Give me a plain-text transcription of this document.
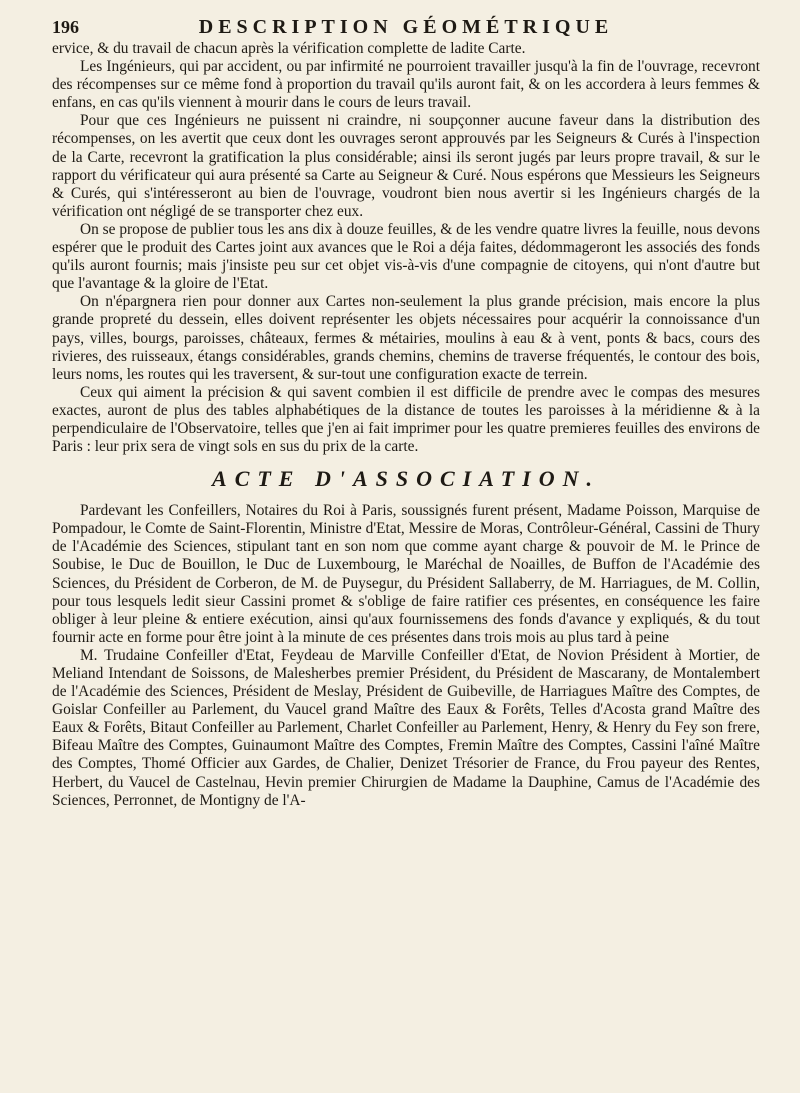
196	DESCRIPTION GÉOMÉTRIQUE

ervice, & du travail de chacun après la vérification complette de ladite Carte.

Les Ingénieurs, qui par accident, ou par infirmité ne pourroient travailler jusqu'à la fin de l'ouvrage, recevront des récompenses sur ce même fond à proportion du travail qu'ils auront fait, & on les accordera à leurs femmes & enfans, en cas qu'ils viennent à mourir dans le cours de leurs travail.

Pour que ces Ingénieurs ne puissent ni craindre, ni soupçonner aucune faveur dans la distribution des récompenses, on les avertit que ceux dont les ouvrages seront approuvés par les Seigneurs & Curés à l'inspection de la Carte, recevront la gratification la plus considérable; ainsi ils seront jugés par leurs propre travail, & sur le rapport du vérificateur qui aura présenté sa Carte au Seigneur & Curé. Nous espérons que Messieurs les Seigneurs & Curés, qui s'intéresseront au bien de l'ouvrage, voudront bien nous avertir si les Ingénieurs chargés de la vérification ont négligé de se transporter chez eux.

On se propose de publier tous les ans dix à douze feuilles, & de les vendre quatre livres la feuille, nous devons espérer que le produit des Cartes joint aux avances que le Roi a déja faites, dédommageront les associés des fonds qu'ils auront fournis; mais j'insiste peu sur cet objet vis-à-vis d'une compagnie de citoyens, qui n'ont d'autre but que l'avantage & la gloire de l'Etat.

On n'épargnera rien pour donner aux Cartes non-seulement la plus grande précision, mais encore la plus grande propreté du dessein, elles doivent représenter les objets nécessaires pour acquérir la connoissance d'un pays, villes, bourgs, paroisses, châteaux, fermes & métairies, moulins à eau & à vent, ponts & bacs, cours des rivieres, des ruisseaux, étangs considérables, grands chemins, chemins de traverse fréquentés, le contour des bois, leurs noms, les routes qui les traversent, & sur-tout une configuration exacte de terrein.

Ceux qui aiment la précision & qui savent combien il est difficile de prendre avec le compas des mesures exactes, auront de plus des tables alphabétiques de la distance de toutes les paroisses à la méridienne & à la perpendiculaire de l'Observatoire, telles que j'en ai fait imprimer pour les quatre premieres feuilles des environs de Paris : leur prix sera de vingt sols en sus du prix de la carte.

ACTE D'ASSOCIATION.

Pardevant les Confeillers, Notaires du Roi à Paris, soussignés furent présent, Madame Poisson, Marquise de Pompadour, le Comte de Saint-Florentin, Ministre d'Etat, Messire de Moras, Contrôleur-Général, Cassini de Thury de l'Académie des Sciences, stipulant tant en son nom que comme ayant charge & pouvoir de M. le Prince de Soubise, le Duc de Bouillon, le Duc de Luxembourg, le Maréchal de Noailles, de Buffon de l'Académie des Sciences, du Président de Corberon, de M. de Puysegur, du Président Sallaberry, de M. Harriagues, de M. Collin, pour tous lesquels ledit sieur Cassini promet & s'oblige de faire ratifier ces présentes, en conséquence les faire obliger à leur pleine & entiere exécution, ainsi qu'aux fournissemens des fonds d'avance y expliqués, & du tout fournir acte en forme pour être joint à la minute de ces présentes dans trois mois au plus tard à peine

M. Trudaine Confeiller d'Etat, Feydeau de Marville Confeiller d'Etat, de Novion Président à Mortier, de Meliand Intendant de Soissons, de Malesherbes premier Président, du Président de Mascarany, de Montalembert de l'Académie des Sciences, Président de Meslay, Président de Guibeville, de Harriagues Maître des Comptes, de Goislar Confeiller au Parlement, du Vaucel grand Maître des Eaux & Forêts, Telles d'Acosta grand Maître des Eaux & Forêts, Bitaut Confeiller au Parlement, Charlet Confeiller au Parlement, Henry, & Henry du Fey son frere, Bifeau Maître des Comptes, Guinaumont Maître des Comptes, Fremin Maître des Comptes, Cassini l'aîné Maître des Comptes, Thomé Officier aux Gardes, de Chalier, Denizet Trésorier de France, du Frou payeur des Rentes, Herbert, du Vaucel de Castelnau, Hevin premier Chirurgien de Madame la Dauphine, Camus de l'Académie des Sciences, Perronnet, de Montigny de l'A-
